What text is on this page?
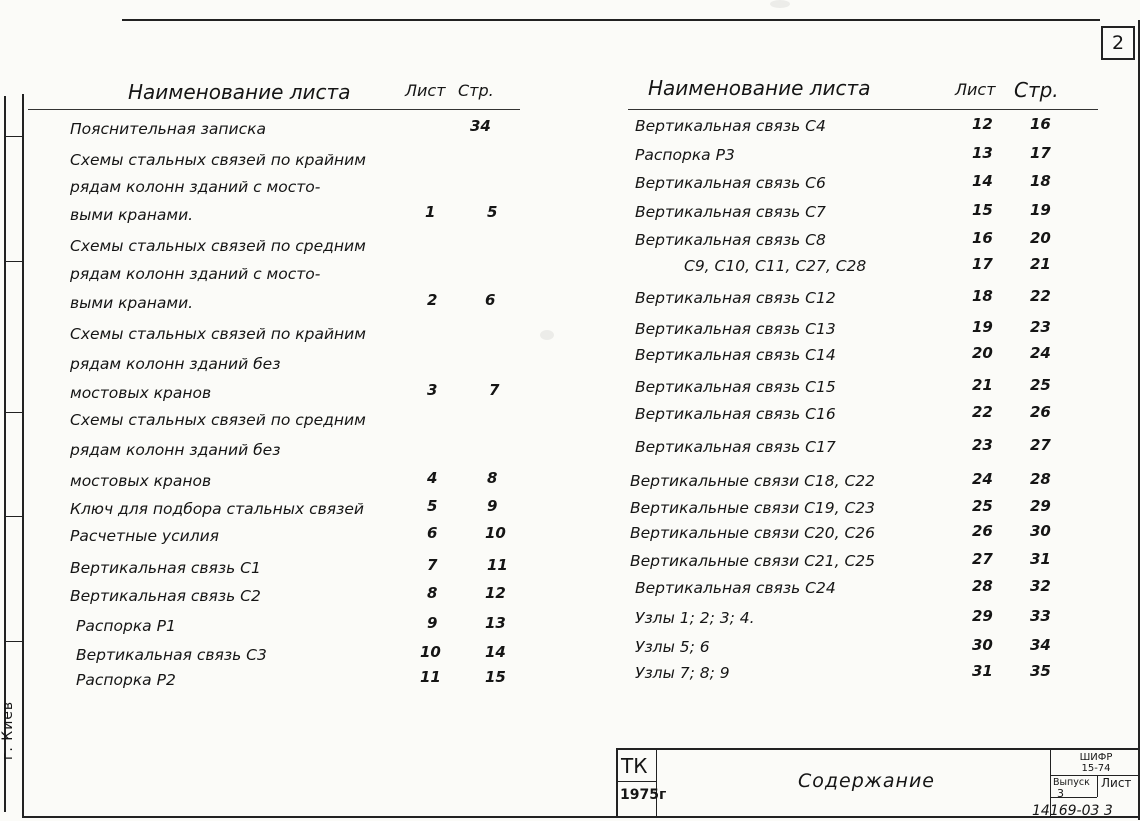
2
г. Киев
Наименование листа	Лист Стр.	Наименование листа	Лист Стр.
Пояснительная записка	34
Схемы стальных связей по крайним
рядам колонн зданий с мосто-
выми кранами.	1	5
Схемы стальных связей по средним
рядам колонн зданий с мосто-
выми кранами.	2	6
Схемы стальных связей по крайним
рядам колонн зданий без
мостовых кранов	3	7
Схемы стальных связей по средним
рядам колонн зданий без
мостовых кранов	4	8
Ключ для подбора стальных связей	5	9
Расчетные усилия	6	10
Вертикальная связь С1	7	11
Вертикальная связь С2	8	12
Распорка Р1	9	13
Вертикальная связь С3	10	14
Распорка Р2	11	15
Вертикальная связь С4	12 16
Распорка Р3	13 17
Вертикальная связь С6	14 18
Вертикальная связь С7	15 19
Вертикальная связь С8	16 20
С9, С10, С11, С27, С28	17 21
Вертикальная связь С12	18 22
Вертикальная связь С13	19 23
Вертикальная связь С14	20 24
Вертикальная связь С15	21 25
Вертикальная связь С16	22 26
Вертикальная связь С17	23 27
Вертикальные связи С18, С22	24 28
Вертикальные связи С19, С23	25 29
Вертикальные связи С20, С26	26 30
Вертикальные связи С21, С25	27 31
Вертикальная связь С24	28 32
Узлы 1; 2; 3; 4.	29 33
Узлы 5; 6	30 34
Узлы 7; 8; 9	31 35
ТК
1975г
Содержание
ШИФР
15-74
Выпуск Лист
3
14169-03 3
